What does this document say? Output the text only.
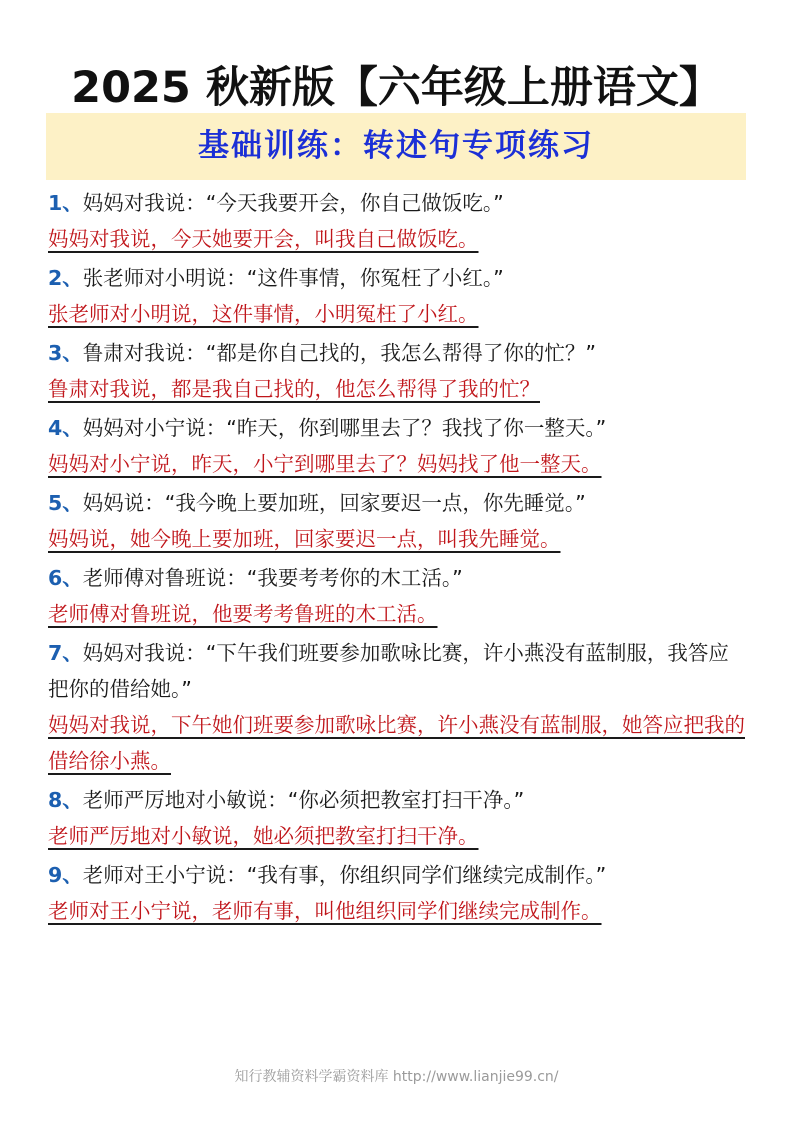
2025 秋新版【六年级上册语文】
基础训练：转述句专项练习
1、妈妈对我说：“今天我要开会，你自己做饭吃。”
妈妈对我说，今天她要开会，叫我自己做饭吃。
2、张老师对小明说：“这件事情，你冤枉了小红。”
张老师对小明说，这件事情，小明冤枉了小红。
3、鲁肃对我说：“都是你自己找的，我怎么帮得了你的忙？”
鲁肃对我说，都是我自己找的，他怎么帮得了我的忙？
4、妈妈对小宁说：“昨天，你到哪里去了？我找了你一整天。”
妈妈对小宁说，昨天，小宁到哪里去了？妈妈找了他一整天。
5、妈妈说：“我今晚上要加班，回家要迟一点，你先睡觉。”
妈妈说，她今晚上要加班，回家要迟一点，叫我先睡觉。
6、老师傅对鲁班说：“我要考考你的木工活。”
老师傅对鲁班说，他要考考鲁班的木工活。
7、妈妈对我说：“下午我们班要参加歌咏比赛，许小燕没有蓝制服，我答应把你的借给她。”
妈妈对我说，下午她们班要参加歌咏比赛，许小燕没有蓝制服，她答应把我的借给徐小燕。
8、老师严厉地对小敏说：“你必须把教室打扫干净。”
老师严厉地对小敏说，她必须把教室打扫干净。
9、老师对王小宁说：“我有事，你组织同学们继续完成制作。”
老师对王小宁说，老师有事，叫他组织同学们继续完成制作。
知行教辅资料学霸资料库 http://www.lianjie99.cn/
